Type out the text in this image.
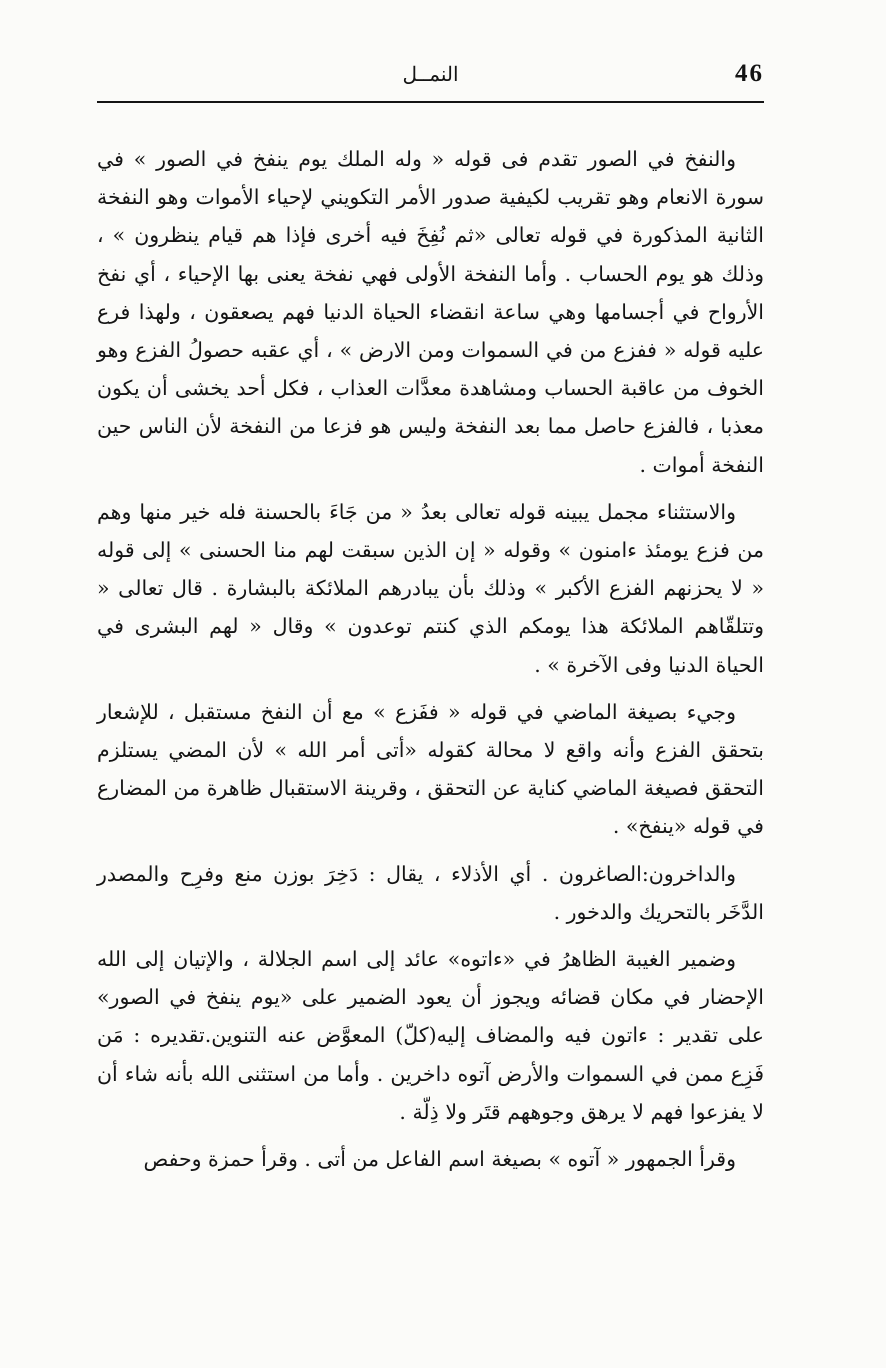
46
النمــل

والنفخ في الصور تقدم فى قوله « وله الملك يوم ينفخ في الصور » في سورة الانعام وهو تقريب لكيفية صدور الأمر التكويني لإحياء الأموات وهو النفخة الثانية المذكورة في قوله تعالى «ثم نُفِخَ فيه أخرى فإذا هم قيام ينظرون » ، وذلك هو يوم الحساب . وأما النفخة الأولى فهي نفخة يعنى بها الإحياء ، أي نفخ الأرواح في أجسامها وهي ساعة انقضاء الحياة الدنيا فهم يصعقون ، ولهذا فرع عليه قوله « ففزع من في السموات ومن الارض » ، أي عقبه حصولُ الفزع وهو الخوف من عاقبة الحساب ومشاهدة معدَّات العذاب ، فكل أحد يخشى أن يكون معذبا ، فالفزع حاصل مما بعد النفخة وليس هو فزعا من النفخة لأن الناس حين النفخة أموات .

والاستثناء مجمل يبينه قوله تعالى بعدُ « من جَاءَ بالحسنة فله خير منها وهم من فزع يومئذ ءامنون » وقوله « إن الذين سبقت لهم منا الحسنى » إلى قوله « لا يحزنهم الفزع الأكبر » وذلك بأن يبادرهم الملائكة بالبشارة . قال تعالى « وتتلقّاهم الملائكة هذا يومكم الذي كنتم توعدون » وقال « لهم البشرى في الحياة الدنيا وفى الآخرة » .

وجيء بصيغة الماضي في قوله « ففَزع » مع أن النفخ مستقبل ، للإشعار بتحقق الفزع وأنه واقع لا محالة كقوله «أتى أمر الله » لأن المضي يستلزم التحقق فصيغة الماضي كناية عن التحقق ، وقرينة الاستقبال ظاهرة من المضارع في قوله «ينفخ» .

والداخرون:الصاغرون . أي الأذلاء ، يقال : دَخِرَ بوزن منع وفرِح والمصدر الدَّخَر بالتحريك والدخور .

وضمير الغيبة الظاهرُ في «ءاتوه» عائد إلى اسم الجلالة ، والإتيان إلى الله الإحضار في مكان قضائه ويجوز أن يعود الضمير على «يوم ينفخ في الصور» على تقدير : ءاتون فيه والمضاف إليه(كلّ) المعوَّض عنه التنوين.تقديره : مَن فَزِع ممن في السموات والأرض آتوه داخرين . وأما من استثنى الله بأنه شاء أن لا يفزعوا فهم لا يرهق وجوههم قتَر ولا ذِلّة .

وقرأ الجمهور « آتوه » بصيغة اسم الفاعل من أتى . وقرأ حمزة وحفص
